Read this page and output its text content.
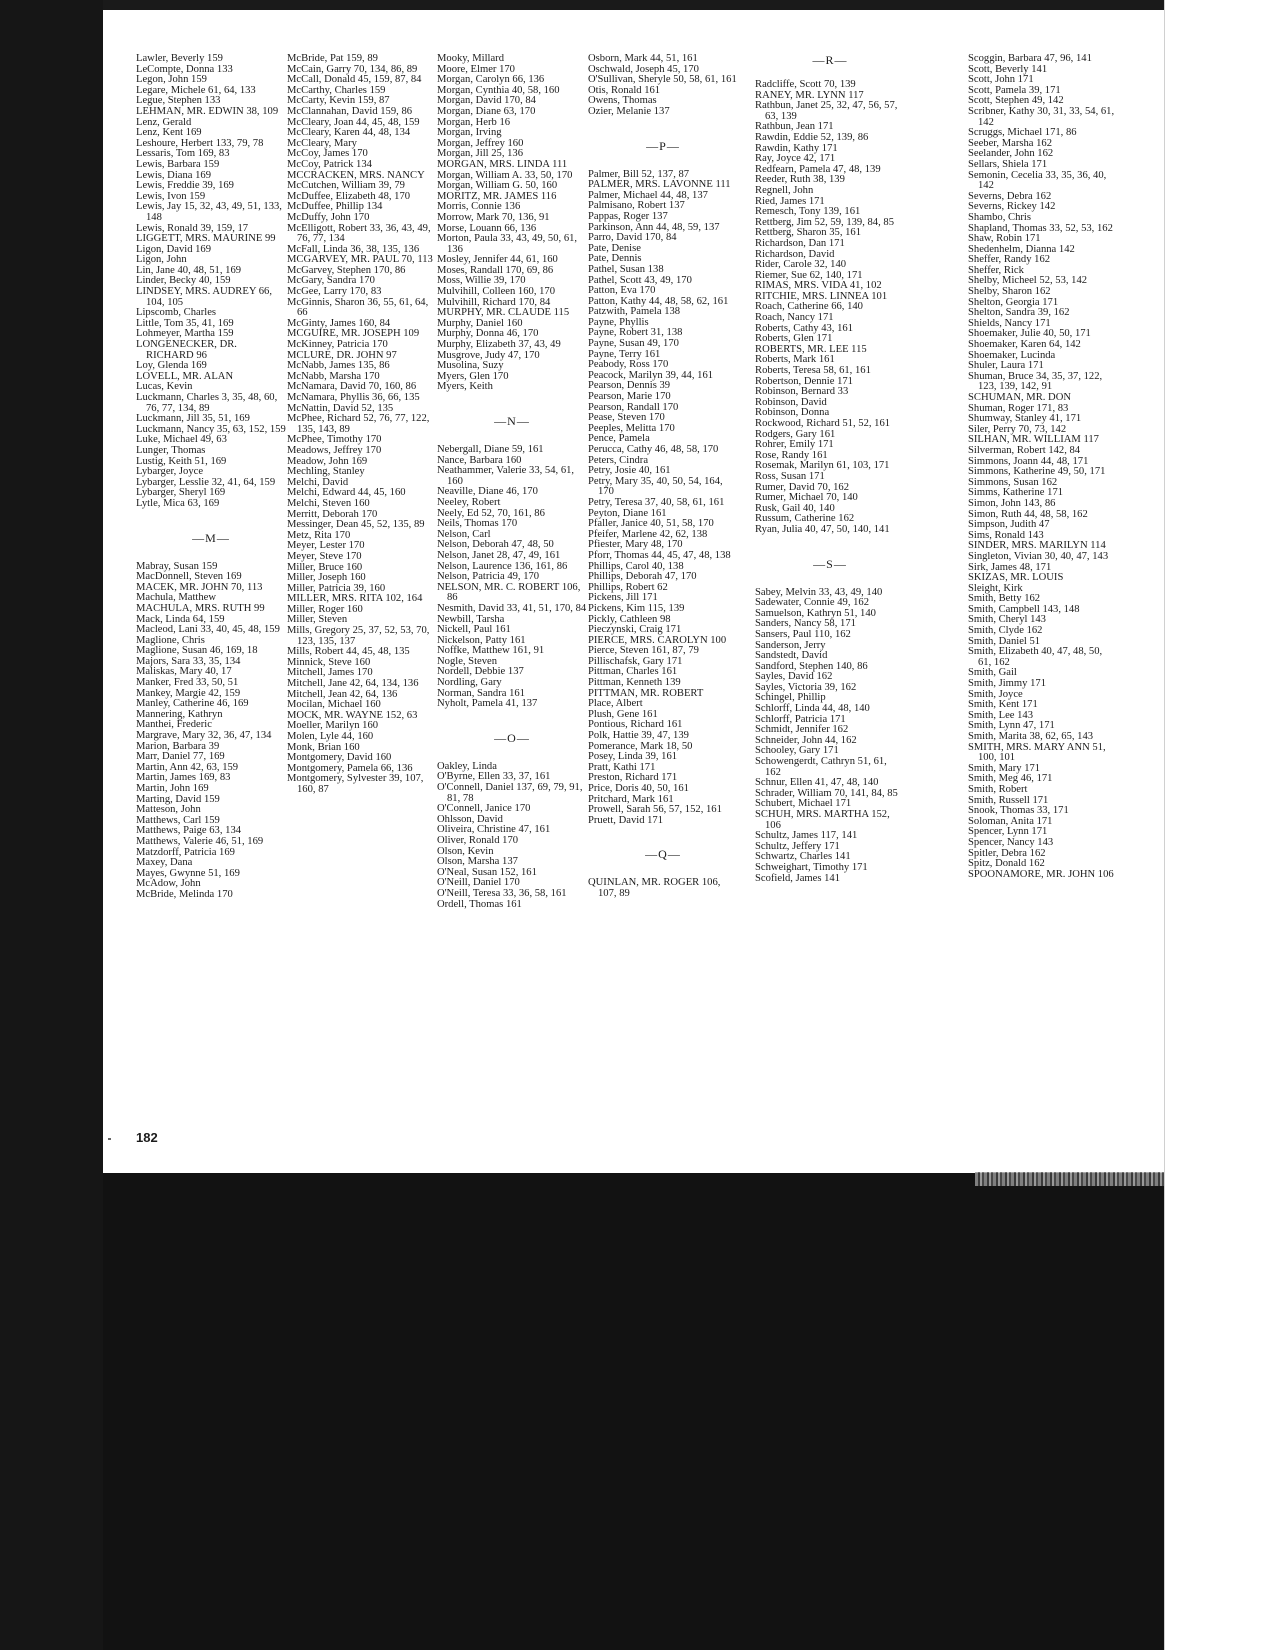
Lawler, Beverly 159
LeCompte, Donna 133
Legon, John 159
Legare, Michele 61, 64, 133
Legue, Stephen 133
LEHMAN, MR. EDWIN 38, 109
Lenz, Gerald
Lenz, Kent 169
Leshoure, Herbert 133, 79, 78
Lessaris, Tom 169, 83
Lewis, Barbara 159
Lewis, Diana 169
Lewis, Freddie 39, 169
Lewis, Ivon 159
Lewis, Jay 15, 32, 43, 49, 51, 133, 148
Lewis, Ronald 39, 159, 17
LIGGETT, MRS. MAURINE 99
Ligon, David 169
Ligon, John
Lin, Jane 40, 48, 51, 169
Linder, Becky 40, 159
LINDSEY, MRS. AUDREY 66, 104, 105
Lipscomb, Charles
Little, Tom 35, 41, 169
Lohmeyer, Martha 159
LONGENECKER, DR. RICHARD 96
Loy, Glenda 169
LOVELL, MR. ALAN
Lucas, Kevin
Luckmann, Charles 3, 35, 48, 60, 76, 77, 134, 89
Luckmann, Jill 35, 51, 169
Luckmann, Nancy 35, 63, 152, 159
Luke, Michael 49, 63
Lunger, Thomas
Lustig, Keith 51, 169
Lybarger, Joyce
Lybarger, Lesslie 32, 41, 64, 159
Lybarger, Sheryl 169
Lytle, Mica 63, 169
—M—
Mabray, Susan 159
MacDonnell, Steven 169
MACEK, MR. JOHN 70, 113
Machula, Matthew
MACHULA, MRS. RUTH 99
Mack, Linda 64, 159
Macleod, Lani 33, 40, 45, 48, 159
Maglione, Chris
Maglione, Susan 46, 169, 18
Majors, Sara 33, 35, 134
Maliskas, Mary 40, 17
Manker, Fred 33, 50, 51
Mankey, Margie 42, 159
Manley, Catherine 46, 169
Mannering, Kathryn
Manthei, Frederic
Margrave, Mary 32, 36, 47, 134
Marion, Barbara 39
Marr, Daniel 77, 169
Martin, Ann 42, 63, 159
Martin, James 169, 83
Martin, John 169
Marting, David 159
Matteson, John
Matthews, Carl 159
Matthews, Paige 63, 134
Matthews, Valerie 46, 51, 169
Matzdorff, Patricia 169
Maxey, Dana
Mayes, Gwynne 51, 169
McAdow, John
McBride, Melinda 170
McBride, Pat 159, 89
McCain, Garry 70, 134, 86, 89
McCall, Donald 45, 159, 87, 84
McCarthy, Charles 159
McCarty, Kevin 159, 87
McClannahan, David 159, 86
McCleary, Joan 44, 45, 48, 159
McCleary, Karen 44, 48, 134
McCleary, Mary
McCoy, James 170
McCoy, Patrick 134
MCCRACKEN, MRS. NANCY
McCutchen, William 39, 79
McDuffee, Elizabeth 48, 170
McDuffee, Phillip 134
McDuffy, John 170
McElligott, Robert 33, 36, 43, 49, 76, 77, 134
McFall, Linda 36, 38, 135, 136
MCGARVEY, MR. PAUL 70, 113
McGarvey, Stephen 170, 86
McGary, Sandra 170
McGee, Larry 170, 83
McGinnis, Sharon 36, 55, 61, 64, 66
McGinty, James 160, 84
MCGUIRE, MR. JOSEPH 109
McKinney, Patricia 170
MCLURE, DR. JOHN 97
McNabb, James 135, 86
McNabb, Marsha 170
McNamara, David 70, 160, 86
McNamara, Phyllis 36, 66, 135
McNattin, David 52, 135
McPhee, Richard 52, 76, 77, 122, 135, 143, 89
McPhee, Timothy 170
Meadows, Jeffrey 170
Meadow, John 169
Mechling, Stanley
Melchi, David
Melchi, Edward 44, 45, 160
Melchi, Steven 160
Merritt, Deborah 170
Messinger, Dean 45, 52, 135, 89
Metz, Rita 170
Meyer, Lester 170
Meyer, Steve 170
Miller, Bruce 160
Miller, Joseph 160
Miller, Patricia 39, 160
MILLER, MRS. RITA 102, 164
Miller, Roger 160
Miller, Steven
Mills, Gregory 25, 37, 52, 53, 70, 123, 135, 137
Mills, Robert 44, 45, 48, 135
Minnick, Steve 160
Mitchell, James 170
Mitchell, Jane 42, 64, 134, 136
Mitchell, Jean 42, 64, 136
Mocilan, Michael 160
MOCK, MR. WAYNE 152, 63
Moeller, Marilyn 160
Molen, Lyle 44, 160
Monk, Brian 160
Montgomery, David 160
Montgomery, Pamela 66, 136
Montgomery, Sylvester 39, 107, 160, 87
Mooky, Millard
Moore, Elmer 170
Morgan, Carolyn 66, 136
Morgan, Cynthia 40, 58, 160
Morgan, David 170, 84
Morgan, Diane 63, 170
Morgan, Herb 16
Morgan, Irving
Morgan, Jeffrey 160
Morgan, Jill 25, 136
MORGAN, MRS. LINDA 111
Morgan, William A. 33, 50, 170
Morgan, William G. 50, 160
MORITZ, MR. JAMES 116
Morris, Connie 136
Morrow, Mark 70, 136, 91
Morse, Louann 66, 136
Morton, Paula 33, 43, 49, 50, 61, 136
Mosley, Jennifer 44, 61, 160
Moses, Randall 170, 69, 86
Moss, Willie 39, 170
Mulvihill, Colleen 160, 170
Mulvihill, Richard 170, 84
MURPHY, MR. CLAUDE 115
Murphy, Daniel 160
Murphy, Donna 46, 170
Murphy, Elizabeth 37, 43, 49
Musgrove, Judy 47, 170
Musolina, Suzy
Myers, Glen 170
Myers, Keith
—N—
Nebergall, Diane 59, 161
Nance, Barbara 160
Neathammer, Valerie 33, 54, 61, 160
Neaville, Diane 46, 170
Neeley, Robert
Neely, Ed 52, 70, 161, 86
Neils, Thomas 170
Nelson, Carl
Nelson, Deborah 47, 48, 50
Nelson, Janet 28, 47, 49, 161
Nelson, Laurence 136, 161, 86
Nelson, Patricia 49, 170
NELSON, MR. C. ROBERT 106, 86
Nesmith, David 33, 41, 51, 170, 84
Newbill, Tarsha
Nickell, Paul 161
Nickelson, Patty 161
Noffke, Matthew 161, 91
Nogle, Steven
Nordell, Debbie 137
Nordling, Gary
Norman, Sandra 161
Nyholt, Pamela 41, 137
—O—
Oakley, Linda
O'Byrne, Ellen 33, 37, 161
O'Connell, Daniel 137, 69, 79, 91, 81, 78
O'Connell, Janice 170
Ohlsson, David
Oliveira, Christine 47, 161
Oliver, Ronald 170
Olson, Kevin
Olson, Marsha 137
O'Neal, Susan 152, 161
O'Neill, Daniel 170
O'Neill, Teresa 33, 36, 58, 161
Ordell, Thomas 161
Osborn, Mark 44, 51, 161
Oschwald, Joseph 45, 170
O'Sullivan, Sheryle 50, 58, 61, 161
Otis, Ronald 161
Owens, Thomas
Ozier, Melanie 137
—P—
Palmer, Bill 52, 137, 87
PALMER, MRS. LAVONNE 111
Palmer, Michael 44, 48, 137
Palmisano, Robert 137
Pappas, Roger 137
Parkinson, Ann 44, 48, 59, 137
Parro, David 170, 84
Pate, Denise
Pate, Dennis
Pathel, Susan 138
Pathel, Scott 43, 49, 170
Patton, Eva 170
Patton, Kathy 44, 48, 58, 62, 161
Patzwith, Pamela 138
Payne, Phyllis
Payne, Robert 31, 138
Payne, Susan 49, 170
Payne, Terry 161
Peabody, Ross 170
Peacock, Marilyn 39, 44, 161
Pearson, Dennis 39
Pearson, Marie 170
Pearson, Randall 170
Pease, Steven 170
Peeples, Melitta 170
Pence, Pamela
Perucca, Cathy 46, 48, 58, 170
Peters, Cindra
Petry, Josie 40, 161
Petry, Mary 35, 40, 50, 54, 164, 170
Petry, Teresa 37, 40, 58, 61, 161
Peyton, Diane 161
Pfaller, Janice 40, 51, 58, 170
Pfeifer, Marlene 42, 62, 138
Pfiester, Mary 48, 170
Pforr, Thomas 44, 45, 47, 48, 138
Phillips, Carol 40, 138
Phillips, Deborah 47, 170
Phillips, Robert 62
Pickens, Jill 171
Pickens, Kim 115, 139
Pickly, Cathleen 98
Pieczynski, Craig 171
PIERCE, MRS. CAROLYN 100
Pierce, Steven 161, 87, 79
Pillischafsk, Gary 171
Pittman, Charles 161
Pittman, Kenneth 139
PITTMAN, MR. ROBERT
Place, Albert
Plush, Gene 161
Pontious, Richard 161
Polk, Hattie 39, 47, 139
Pomerance, Mark 18, 50
Posey, Linda 39, 161
Pratt, Kathi 171
Preston, Richard 171
Price, Doris 40, 50, 161
Pritchard, Mark 161
Prowell, Sarah 56, 57, 152, 161
Pruett, David 171
—Q—
QUINLAN, MR. ROGER 106, 107, 89
—R—
Radcliffe, Scott 70, 139
RANEY, MR. LYNN 117
Rathbun, Janet 25, 32, 47, 56, 57, 63, 139
Rathbun, Jean 171
Rawdin, Eddie 52, 139, 86
Rawdin, Kathy 171
Ray, Joyce 42, 171
Redfearn, Pamela 47, 48, 139
Reeder, Ruth 38, 139
Regnell, John
Ried, James 171
Remesch, Tony 139, 161
Rettberg, Jim 52, 59, 139, 84, 85
Rettberg, Sharon 35, 161
Richardson, Dan 171
Richardson, David
Rider, Carole 32, 140
Riemer, Sue 62, 140, 171
RIMAS, MRS. VIDA 41, 102
RITCHIE, MRS. LINNEA 101
Roach, Catherine 66, 140
Roach, Nancy 171
Roberts, Cathy 43, 161
Roberts, Glen 171
ROBERTS, MR. LEE 115
Roberts, Mark 161
Roberts, Teresa 58, 61, 161
Robertson, Dennie 171
Robinson, Bernard 33
Robinson, David
Robinson, Donna
Rockwood, Richard 51, 52, 161
Rodgers, Gary 161
Rohrer, Emily 171
Rose, Randy 161
Rosemak, Marilyn 61, 103, 171
Ross, Susan 171
Rumer, David 70, 162
Rumer, Michael 70, 140
Rusk, Gail 40, 140
Russum, Catherine 162
Ryan, Julia 40, 47, 50, 140, 141
—S—
Sabey, Melvin 33, 43, 49, 140
Sadewater, Connie 49, 162
Samuelson, Kathryn 51, 140
Sanders, Nancy 58, 171
Sansers, Paul 110, 162
Sanderson, Jerry
Sandstedt, David
Sandford, Stephen 140, 86
Sayles, David 162
Sayles, Victoria 39, 162
Schingel, Phillip
Schlorff, Linda 44, 48, 140
Schlorff, Patricia 171
Schmidt, Jennifer 162
Schneider, John 44, 162
Schooley, Gary 171
Schowengerdt, Cathryn 51, 61, 162
Schnur, Ellen 41, 47, 48, 140
Schrader, William 70, 141, 84, 85
Schubert, Michael 171
SCHUH, MRS. MARTHA 152, 106
Schultz, James 117, 141
Schultz, Jeffery 171
Schwartz, Charles 141
Schweighart, Timothy 171
Scofield, James 141
Scoggin, Barbara 47, 96, 141
Scott, Beverly 141
Scott, John 171
Scott, Pamela 39, 171
Scott, Stephen 49, 142
Scribner, Kathy 30, 31, 33, 54, 61, 142
Scruggs, Michael 171, 86
Seeber, Marsha 162
Seelander, John 162
Sellars, Shiela 171
Semonin, Cecelia 33, 35, 36, 40, 142
Severns, Debra 162
Severns, Rickey 142
Shambo, Chris
Shapland, Thomas 33, 52, 53, 162
Shaw, Robin 171
Shedenhelm, Dianna 142
Sheffer, Randy 162
Sheffer, Rick
Shelby, Micheel 52, 53, 142
Shelby, Sharon 162
Shelton, Georgia 171
Shelton, Sandra 39, 162
Shields, Nancy 171
Shoemaker, Julie 40, 50, 171
Shoemaker, Karen 64, 142
Shoemaker, Lucinda
Shuler, Laura 171
Shuman, Bruce 34, 35, 37, 122, 123, 139, 142, 91
SCHUMAN, MR. DON
Shuman, Roger 171, 83
Shumway, Stanley 41, 171
Siler, Perry 70, 73, 142
SILHAN, MR. WILLIAM 117
Silverman, Robert 142, 84
Simmons, Joann 44, 48, 171
Simmons, Katherine 49, 50, 171
Simmons, Susan 162
Simms, Katherine 171
Simon, John 143, 86
Simon, Ruth 44, 48, 58, 162
Simpson, Judith 47
Sims, Ronald 143
SINDER, MRS. MARILYN 114
Singleton, Vivian 30, 40, 47, 143
Sirk, James 48, 171
SKIZAS, MR. LOUIS
Sleight, Kirk
Smith, Betty 162
Smith, Campbell 143, 148
Smith, Cheryl 143
Smith, Clyde 162
Smith, Daniel 51
Smith, Elizabeth 40, 47, 48, 50, 61, 162
Smith, Gail
Smith, Jimmy 171
Smith, Joyce
Smith, Kent 171
Smith, Lee 143
Smith, Lynn 47, 171
Smith, Marita 38, 62, 65, 143
SMITH, MRS. MARY ANN 51, 100, 101
Smith, Mary 171
Smith, Meg 46, 171
Smith, Robert
Smith, Russell 171
Snook, Thomas 33, 171
Soloman, Anita 171
Spencer, Lynn 171
Spencer, Nancy 143
Spitler, Debra 162
Spitz, Donald 162
SPOONAMORE, MR. JOHN 106
182
